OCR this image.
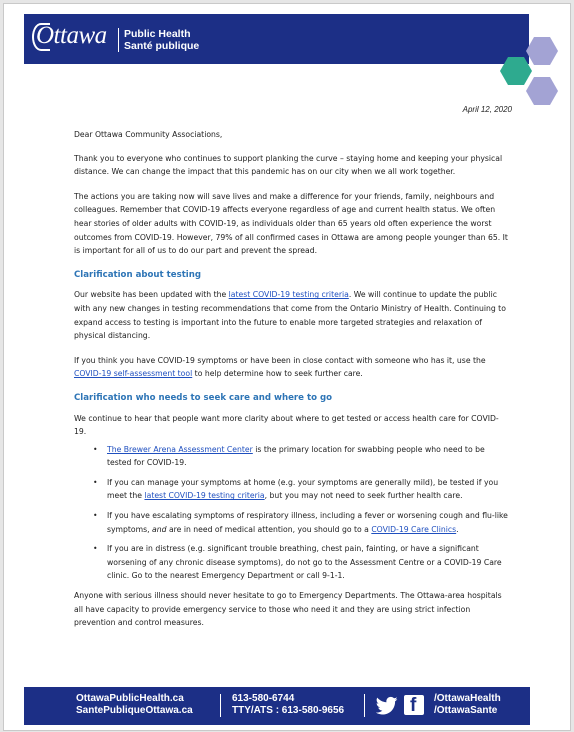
Ottawa Public Health
Santé publique
April 12, 2020

Dear Ottawa Community Associations,

Thank you to everyone who continues to support planking the curve – staying home and keeping your physical distance. We can change the impact that this pandemic has on our city when we all work together.

The actions you are taking now will save lives and make a difference for your friends, family, neighbours and colleagues. Remember that COVID-19 affects everyone regardless of age and current health status. We often hear stories of older adults with COVID-19, as individuals older than 65 years old often experience the worst outcomes from COVID-19. However, 79% of all confirmed cases in Ottawa are among people younger than 65. It is important for all of us to do our part and prevent the spread.

Clarification about testing

Our website has been updated with the latest COVID-19 testing criteria. We will continue to update the public with any new changes in testing recommendations that come from the Ontario Ministry of Health. Continuing to expand access to testing is important into the future to enable more targeted strategies and relaxation of physical distancing.

If you think you have COVID-19 symptoms or have been in close contact with someone who has it, use the COVID-19 self-assessment tool to help determine how to seek further care.

Clarification who needs to seek care and where to go

We continue to hear that people want more clarity about where to get tested or access health care for COVID-19.

• The Brewer Arena Assessment Center is the primary location for swabbing people who need to be tested for COVID-19.
• If you can manage your symptoms at home (e.g. your symptoms are generally mild), be tested if you meet the latest COVID-19 testing criteria, but you may not need to seek further health care.
• If you have escalating symptoms of respiratory illness, including a fever or worsening cough and flu-like symptoms, and are in need of medical attention, you should go to a COVID-19 Care Clinics.
• If you are in distress (e.g. significant trouble breathing, chest pain, fainting, or have a significant worsening of any chronic disease symptoms), do not go to the Assessment Centre or a COVID-19 Care clinic. Go to the nearest Emergency Department or call 9-1-1.

Anyone with serious illness should never hesitate to go to Emergency Departments. The Ottawa-area hospitals all have capacity to provide emergency service to those who need it and they are using strict infection prevention and control measures.

OttawaPublicHealth.ca
SantePubliqueOttawa.ca
613-580-6744
TTY/ATS : 613-580-9656	f /OttawaHealth
/OttawaSante
